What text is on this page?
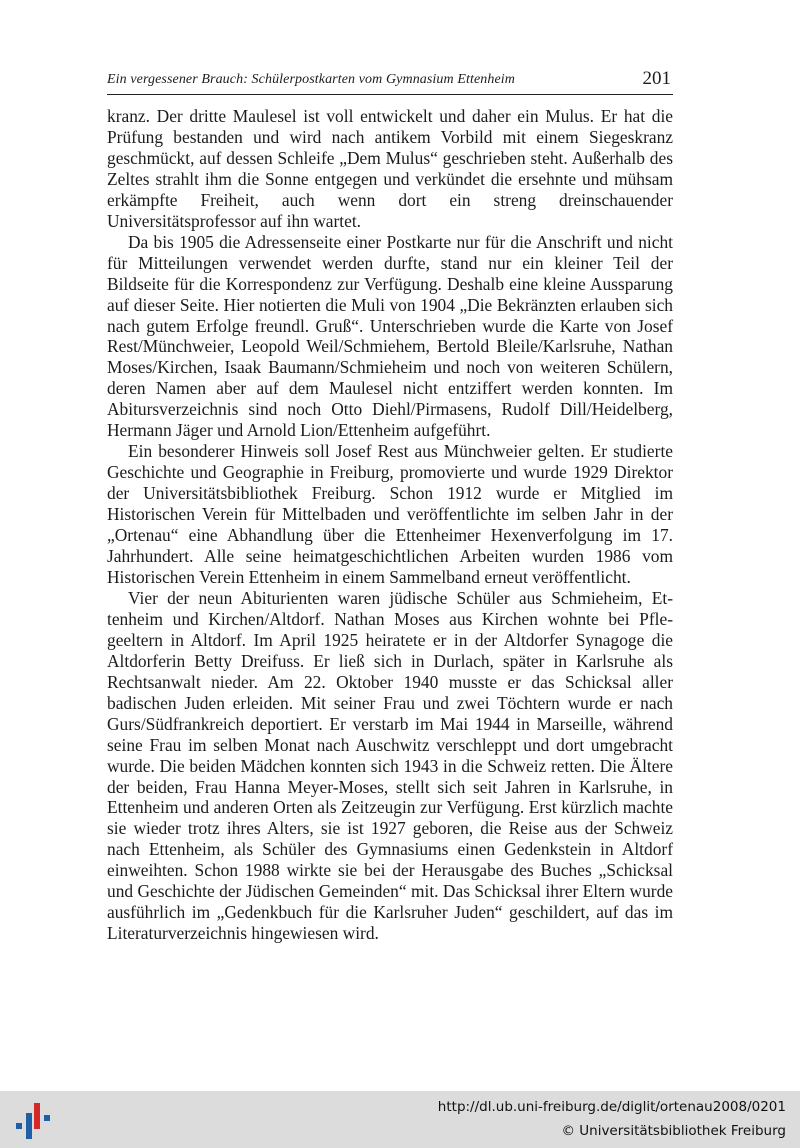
Ein vergessener Brauch: Schülerpostkarten vom Gymnasium Ettenheim	201

kranz. Der dritte Maulesel ist voll entwickelt und daher ein Mulus. Er hat die Prüfung bestanden und wird nach antikem Vorbild mit einem Siegeskranz geschmückt, auf dessen Schleife „Dem Mulus“ geschrieben steht. Außerhalb des Zeltes strahlt ihm die Sonne entgegen und verkündet die ersehnte und mühsam erkämpfte Freiheit, auch wenn dort ein streng dreinschauender Universitätsprofessor auf ihn wartet.

Da bis 1905 die Adressenseite einer Postkarte nur für die Anschrift und nicht für Mitteilungen verwendet werden durfte, stand nur ein kleiner Teil der Bildseite für die Korrespondenz zur Verfügung. Deshalb eine kleine Aussparung auf dieser Seite. Hier notierten die Muli von 1904 „Die Bekränzten erlauben sich nach gutem Erfolge freundl. Gruß“. Unterschrieben wurde die Karte von Josef Rest/Münchweier, Leopold Weil/Schmiehem, Bertold Bleile/Karlsruhe, Nathan Moses/Kirchen, Isaak Baumann/​Schmieheim und noch von weiteren Schülern, deren Namen aber auf dem Maulesel nicht entziffert werden konnten. Im Abitursverzeichnis sind noch Otto Diehl/Pirmasens, Rudolf Dill/Heidelberg, Hermann Jäger und Arnold Lion/Ettenheim aufgeführt.

Ein besonderer Hinweis soll Josef Rest aus Münchweier gelten. Er studierte Geschichte und Geographie in Freiburg, promovierte und wurde 1929 Direktor der Universitätsbibliothek Freiburg. Schon 1912 wurde er Mitglied im Historischen Verein für Mittelbaden und veröffentlichte im selben Jahr in der „Ortenau“ eine Abhandlung über die Ettenheimer Hexenverfolgung im 17. Jahrhundert. Alle seine heimatgeschichtlichen Arbeiten wurden 1986 vom Historischen Verein Ettenheim in einem Sammelband erneut veröffentlicht.

Vier der neun Abiturienten waren jüdische Schüler aus Schmieheim, Ettenheim und Kirchen/Altdorf. Nathan Moses aus Kirchen wohnte bei Pflegeeltern in Altdorf. Im April 1925 heiratete er in der Altdorfer Synagoge die Altdorferin Betty Dreifuss. Er ließ sich in Durlach, später in Karlsruhe als Rechtsanwalt nieder. Am 22. Oktober 1940 musste er das Schicksal aller badischen Juden erleiden. Mit seiner Frau und zwei Töchtern wurde er nach Gurs/Südfrankreich deportiert. Er verstarb im Mai 1944 in Marseille, während seine Frau im selben Monat nach Auschwitz verschleppt und dort umgebracht wurde. Die beiden Mädchen konnten sich 1943 in die Schweiz retten. Die Ältere der beiden, Frau Hanna Meyer-Moses, stellt sich seit Jahren in Karlsruhe, in Ettenheim und anderen Orten als Zeitzeugin zur Verfügung. Erst kürzlich machte sie wieder trotz ihres Alters, sie ist 1927 geboren, die Reise aus der Schweiz nach Ettenheim, als Schüler des Gymnasiums einen Gedenkstein in Altdorf einweihten. Schon 1988 wirkte sie bei der Herausgabe des Buches „Schicksal und Geschichte der Jüdischen Gemeinden“ mit. Das Schicksal ihrer Eltern wurde ausführlich im „Gedenkbuch für die Karlsruher Juden“ geschildert, auf das im Literaturverzeichnis hingewiesen wird.

http://dl.ub.uni-freiburg.de/diglit/ortenau2008/0201
© Universitätsbibliothek Freiburg
